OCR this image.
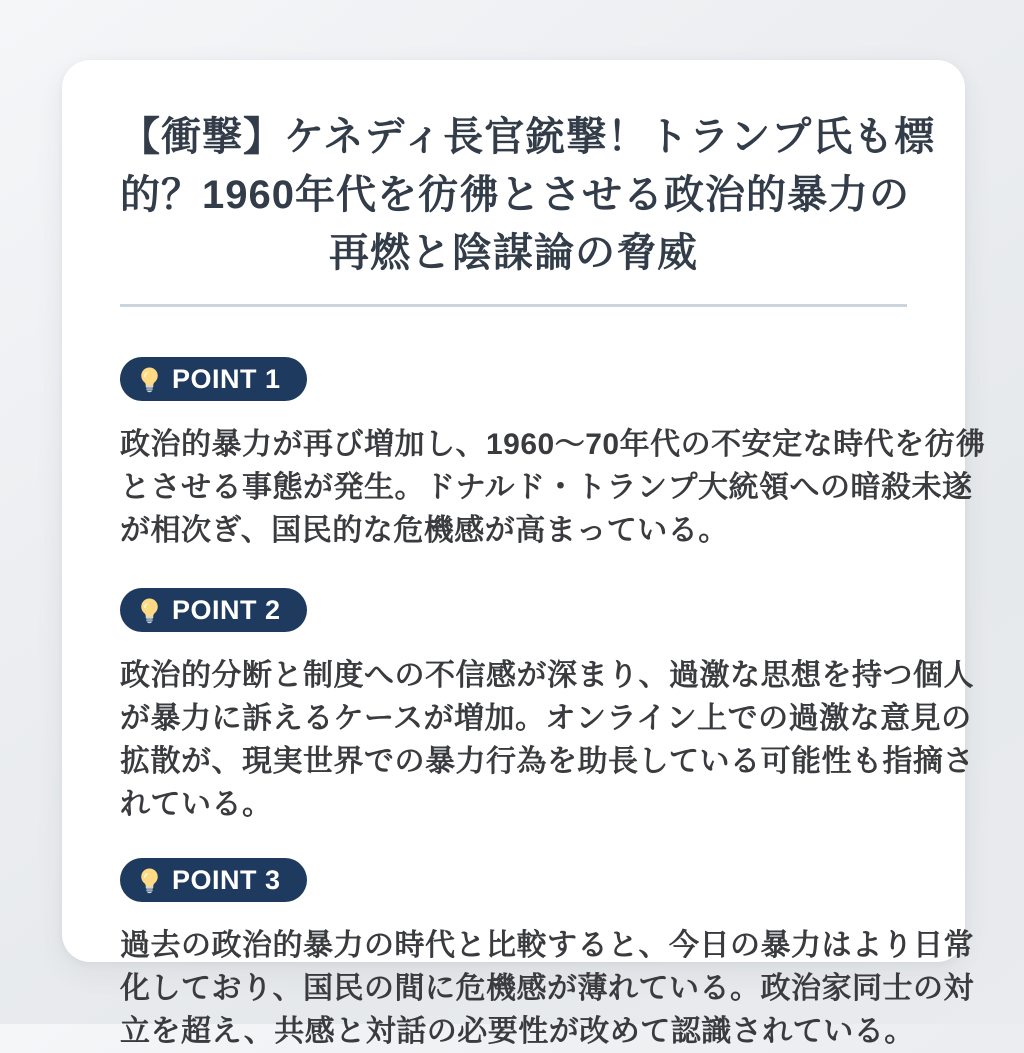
【衝撃】ケネディ長官銃撃！トランプ氏も標
的？1960年代を彷彿とさせる政治的暴力の
再燃と陰謀論の脅威
POINT 1
政治的暴力が再び増加し、1960〜70年代の不安定な時代を彷彿
とさせる事態が発生。ドナルド・トランプ大統領への暗殺未遂
が相次ぎ、国民的な危機感が高まっている。
POINT 2
政治的分断と制度への不信感が深まり、過激な思想を持つ個人
が暴力に訴えるケースが増加。オンライン上での過激な意見の
拡散が、現実世界での暴力行為を助長している可能性も指摘さ
れている。
POINT 3
過去の政治的暴力の時代と比較すると、今日の暴力はより日常
化しており、国民の間に危機感が薄れている。政治家同士の対
立を超え、共感と対話の必要性が改めて認識されている。
